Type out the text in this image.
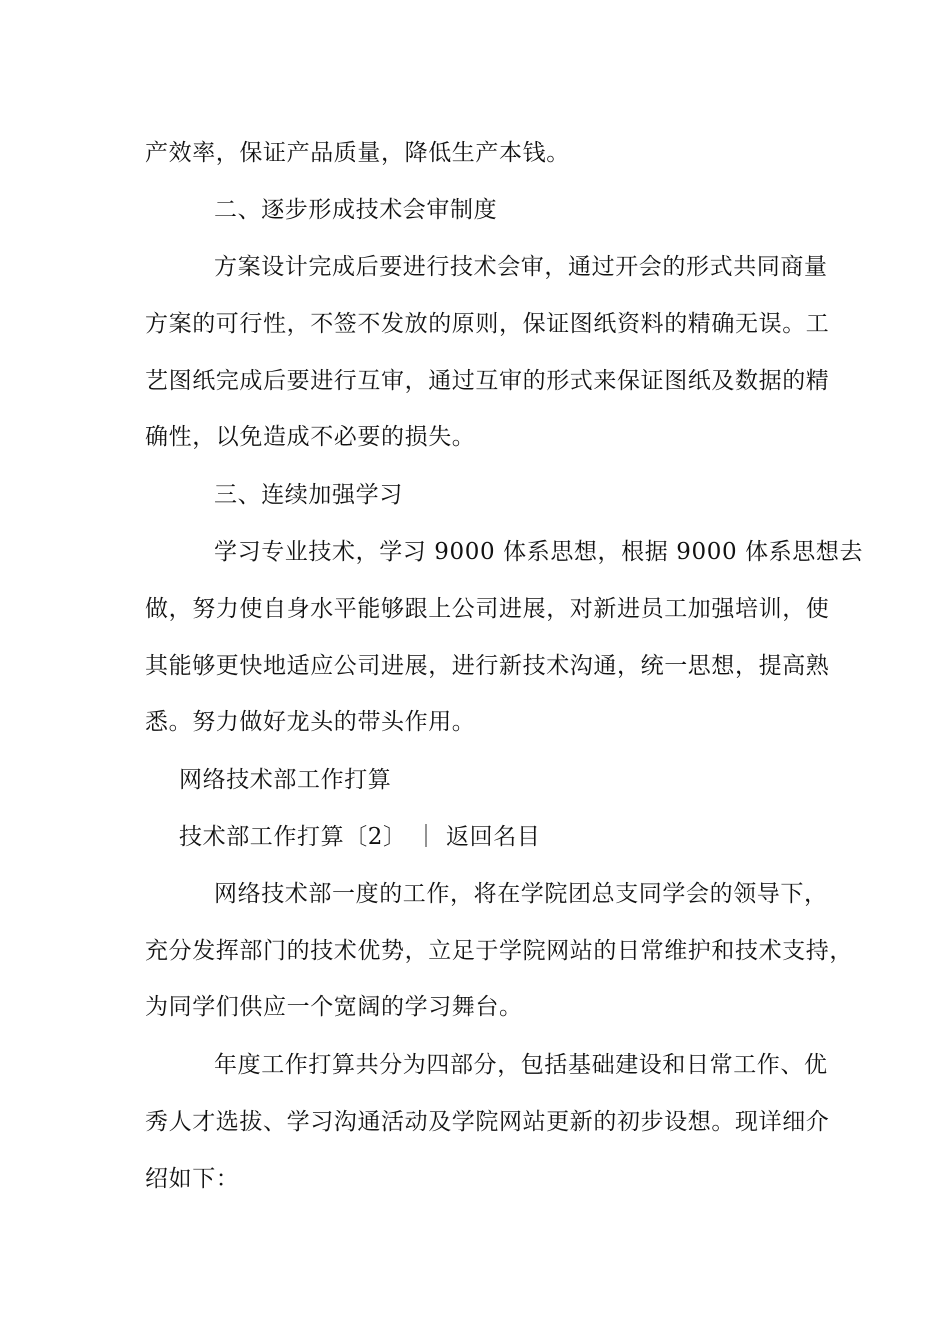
产效率，保证产品质量，降低生产本钱。
二、逐步形成技术会审制度
方案设计完成后要进行技术会审，通过开会的形式共同商量
方案的可行性，不签不发放的原则，保证图纸资料的精确无误。工
艺图纸完成后要进行互审，通过互审的形式来保证图纸及数据的精
确性，以免造成不必要的损失。
三、连续加强学习
学习专业技术，学习 9000 体系思想，根据 9000 体系思想去
做，努力使自身水平能够跟上公司进展，对新进员工加强培训，使
其能够更快地适应公司进展，进行新技术沟通，统一思想，提高熟
悉。努力做好龙头的带头作用。
网络技术部工作打算
技术部工作打算〔2〕 ｜ 返回名目
网络技术部一度的工作，将在学院团总支同学会的领导下，
充分发挥部门的技术优势，立足于学院网站的日常维护和技术支持，
为同学们供应一个宽阔的学习舞台。
年度工作打算共分为四部分，包括基础建设和日常工作、优
秀人才选拔、学习沟通活动及学院网站更新的初步设想。现详细介
绍如下：
